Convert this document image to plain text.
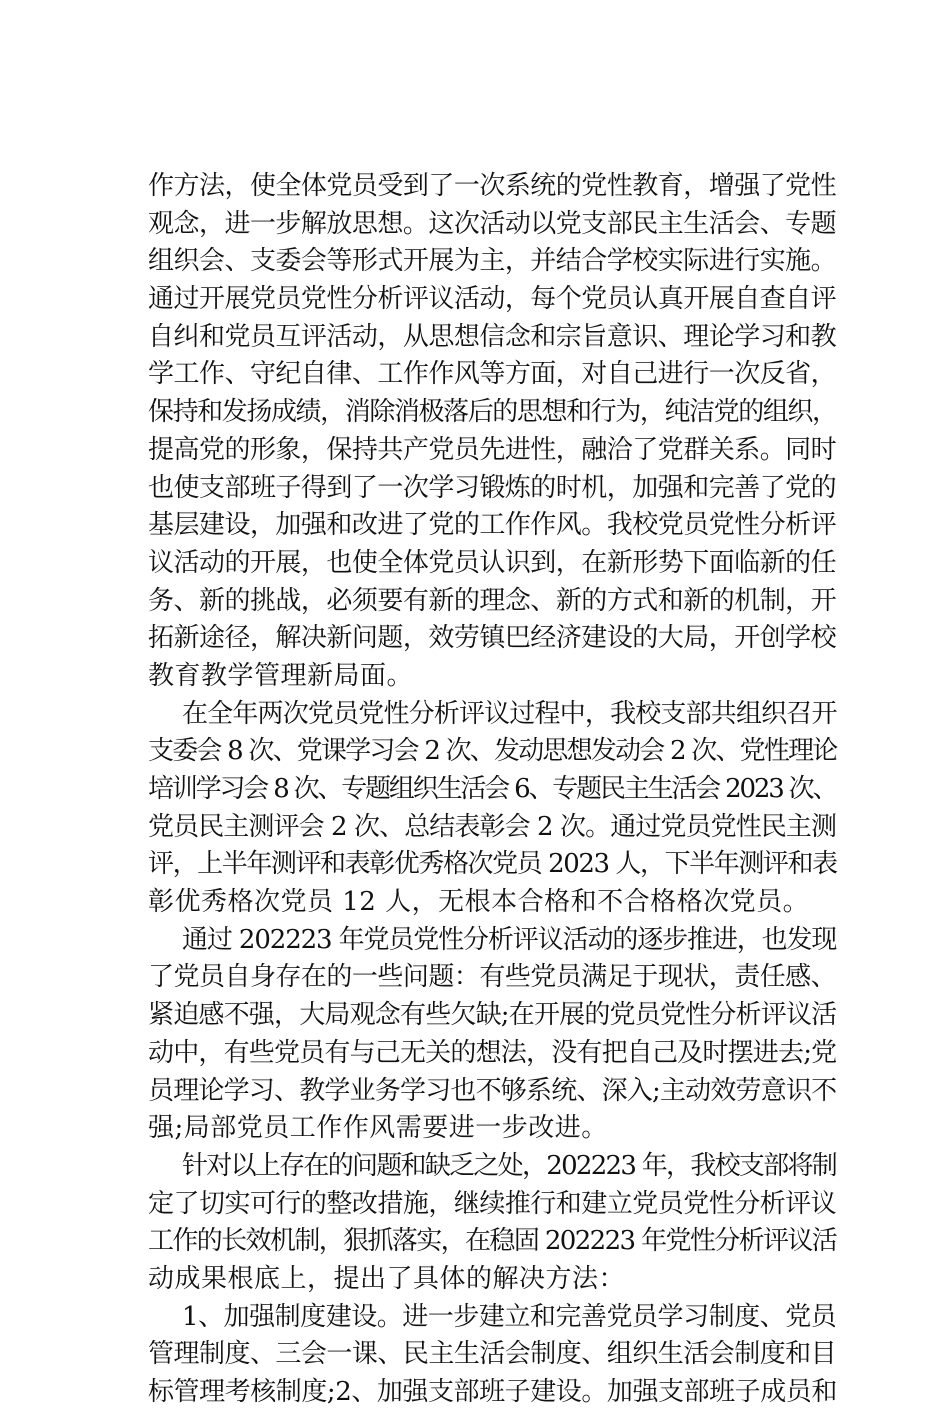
作方法，使全体党员受到了一次系统的党性教育，增强了党性
观念，进一步解放思想。这次活动以党支部民主生活会、专题
组织会、支委会等形式开展为主，并结合学校实际进行实施。
通过开展党员党性分析评议活动，每个党员认真开展自查自评
自纠和党员互评活动，从思想信念和宗旨意识、理论学习和教
学工作、守纪自律、工作作风等方面，对自己进行一次反省，
保持和发扬成绩，消除消极落后的思想和行为，纯洁党的组织，
提高党的形象，保持共产党员先进性，融洽了党群关系。同时
也使支部班子得到了一次学习锻炼的时机，加强和完善了党的
基层建设，加强和改进了党的工作作风。我校党员党性分析评
议活动的开展，也使全体党员认识到，在新形势下面临新的任
务、新的挑战，必须要有新的理念、新的方式和新的机制，开
拓新途径，解决新问题，效劳镇巴经济建设的大局，开创学校
教育教学管理新局面。
在全年两次党员党性分析评议过程中，我校支部共组织召开
支委会 8 次、党课学习会 2 次、发动思想发动会 2 次、党性理论
培训学习会 8 次、专题组织生活会 6、专题民主生活会 2023 次、
党员民主测评会 2 次、总结表彰会 2 次。通过党员党性民主测
评，上半年测评和表彰优秀格次党员 2023 人，下半年测评和表
彰优秀格次党员 12 人，无根本合格和不合格格次党员。
通过 202223 年党员党性分析评议活动的逐步推进，也发现
了党员自身存在的一些问题：有些党员满足于现状，责任感、
紧迫感不强，大局观念有些欠缺;在开展的党员党性分析评议活
动中，有些党员有与己无关的想法，没有把自己及时摆进去;党
员理论学习、教学业务学习也不够系统、深入;主动效劳意识不
强;局部党员工作作风需要进一步改进。
针对以上存在的问题和缺乏之处，202223 年，我校支部将制
定了切实可行的整改措施，继续推行和建立党员党性分析评议
工作的长效机制，狠抓落实，在稳固 202223 年党性分析评议活
动成果根底上，提出了具体的解决方法：
1、加强制度建设。进一步建立和完善党员学习制度、党员
管理制度、三会一课、民主生活会制度、组织生活会制度和目
标管理考核制度;2、加强支部班子建设。加强支部班子成员和
